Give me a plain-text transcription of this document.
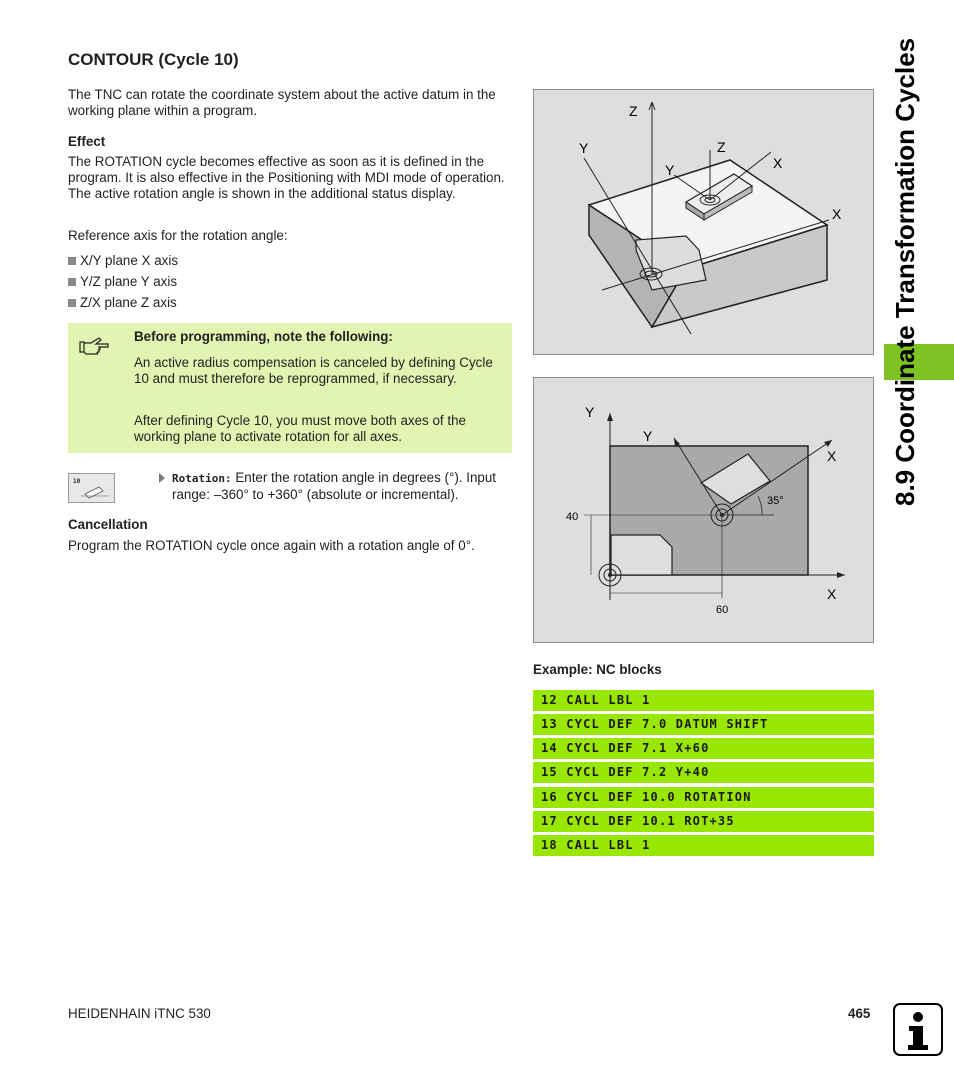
CONTOUR (Cycle 10)

The TNC can rotate the coordinate system about the active datum in the working plane within a program.

Effect

The ROTATION cycle becomes effective as soon as it is defined in the program. It is also effective in the Positioning with MDI mode of operation. The active rotation angle is shown in the additional status display.

Reference axis for the rotation angle:

X/Y plane X axis
Y/Z plane Y axis
Z/X plane Z axis
Before programming, note the following:

An active radius compensation is canceled by defining Cycle 10 and must therefore be reprogrammed, if necessary.

After defining Cycle 10, you must move both axes of the working plane to activate rotation for all axes.

10	Rotation: Enter the rotation angle in degrees (°). Input range: –360° to +360° (absolute or incremental).
Cancellation

Program the ROTATION cycle once again with a rotation angle of 0°.

Z
Y	Z
Y	X
X
Y
Y
X
X
40
60
35°
Example: NC blocks
12 CALL LBL 1
13 CYCL DEF 7.0 DATUM SHIFT
14 CYCL DEF 7.1 X+60
15 CYCL DEF 7.2 Y+40
16 CYCL DEF 10.0 ROTATION
17 CYCL DEF 10.1 ROT+35
18 CALL LBL 1
8.9 Coordinate Transformation Cycles
HEIDENHAIN iTNC 530	465
